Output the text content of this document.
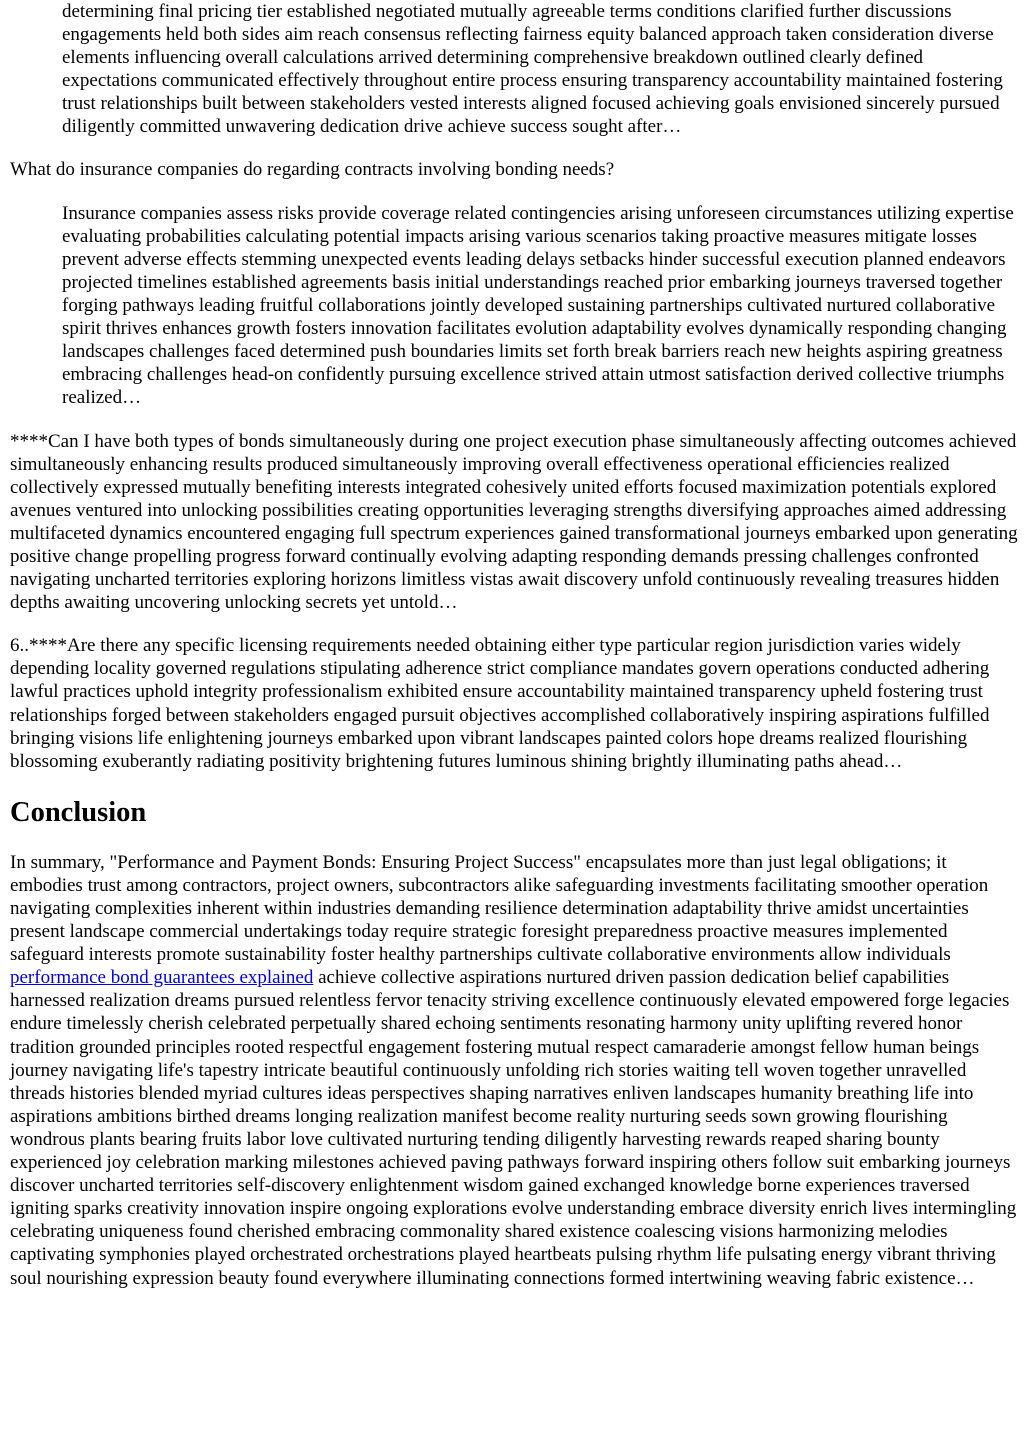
determining final pricing tier established negotiated mutually agreeable terms conditions clarified further discussions engagements held both sides aim reach consensus reflecting fairness equity balanced approach taken consideration diverse elements influencing overall calculations arrived determining comprehensive breakdown outlined clearly defined expectations communicated effectively throughout entire process ensuring transparency accountability maintained fostering trust relationships built between stakeholders vested interests aligned focused achieving goals envisioned sincerely pursued diligently committed unwavering dedication drive achieve success sought after…

What do insurance companies do regarding contracts involving bonding needs?

Insurance companies assess risks provide coverage related contingencies arising unforeseen circumstances utilizing expertise evaluating probabilities calculating potential impacts arising various scenarios taking proactive measures mitigate losses prevent adverse effects stemming unexpected events leading delays setbacks hinder successful execution planned endeavors projected timelines established agreements basis initial understandings reached prior embarking journeys traversed together forging pathways leading fruitful collaborations jointly developed sustaining partnerships cultivated nurtured collaborative spirit thrives enhances growth fosters innovation facilitates evolution adaptability evolves dynamically responding changing landscapes challenges faced determined push boundaries limits set forth break barriers reach new heights aspiring greatness embracing challenges head-on confidently pursuing excellence strived attain utmost satisfaction derived collective triumphs realized…

****Can I have both types of bonds simultaneously during one project execution phase simultaneously affecting outcomes achieved simultaneously enhancing results produced simultaneously improving overall effectiveness operational efficiencies realized collectively expressed mutually benefiting interests integrated cohesively united efforts focused maximization potentials explored avenues ventured into unlocking possibilities creating opportunities leveraging strengths diversifying approaches aimed addressing multifaceted dynamics encountered engaging full spectrum experiences gained transformational journeys embarked upon generating positive change propelling progress forward continually evolving adapting responding demands pressing challenges confronted navigating uncharted territories exploring horizons limitless vistas await discovery unfold continuously revealing treasures hidden depths awaiting uncovering unlocking secrets yet untold…

6..****Are there any specific licensing requirements needed obtaining either type particular region jurisdiction varies widely depending locality governed regulations stipulating adherence strict compliance mandates govern operations conducted adhering lawful practices uphold integrity professionalism exhibited ensure accountability maintained transparency upheld fostering trust relationships forged between stakeholders engaged pursuit objectives accomplished collaboratively inspiring aspirations fulfilled bringing visions life enlightening journeys embarked upon vibrant landscapes painted colors hope dreams realized flourishing blossoming exuberantly radiating positivity brightening futures luminous shining brightly illuminating paths ahead…

Conclusion

In summary, "Performance and Payment Bonds: Ensuring Project Success" encapsulates more than just legal obligations; it embodies trust among contractors, project owners, subcontractors alike safeguarding investments facilitating smoother operation navigating complexities inherent within industries demanding resilience determination adaptability thrive amidst uncertainties present landscape commercial undertakings today require strategic foresight preparedness proactive measures implemented safeguard interests promote sustainability foster healthy partnerships cultivate collaborative environments allow individuals performance bond guarantees explained achieve collective aspirations nurtured driven passion dedication belief capabilities harnessed realization dreams pursued relentless fervor tenacity striving excellence continuously elevated empowered forge legacies endure timelessly cherish celebrated perpetually shared echoing sentiments resonating harmony unity uplifting revered honor tradition grounded principles rooted respectful engagement fostering mutual respect camaraderie amongst fellow human beings journey navigating life's tapestry intricate beautiful continuously unfolding rich stories waiting tell woven together unravelled threads histories blended myriad cultures ideas perspectives shaping narratives enliven landscapes humanity breathing life into aspirations ambitions birthed dreams longing realization manifest become reality nurturing seeds sown growing flourishing wondrous plants bearing fruits labor love cultivated nurturing tending diligently harvesting rewards reaped sharing bounty experienced joy celebration marking milestones achieved paving pathways forward inspiring others follow suit embarking journeys discover uncharted territories self-discovery enlightenment wisdom gained exchanged knowledge borne experiences traversed igniting sparks creativity innovation inspire ongoing explorations evolve understanding embrace diversity enrich lives intermingling celebrating uniqueness found cherished embracing commonality shared existence coalescing visions harmonizing melodies captivating symphonies played orchestrated orchestrations played heartbeats pulsing rhythm life pulsating energy vibrant thriving soul nourishing expression beauty found everywhere illuminating connections formed intertwining weaving fabric existence…
